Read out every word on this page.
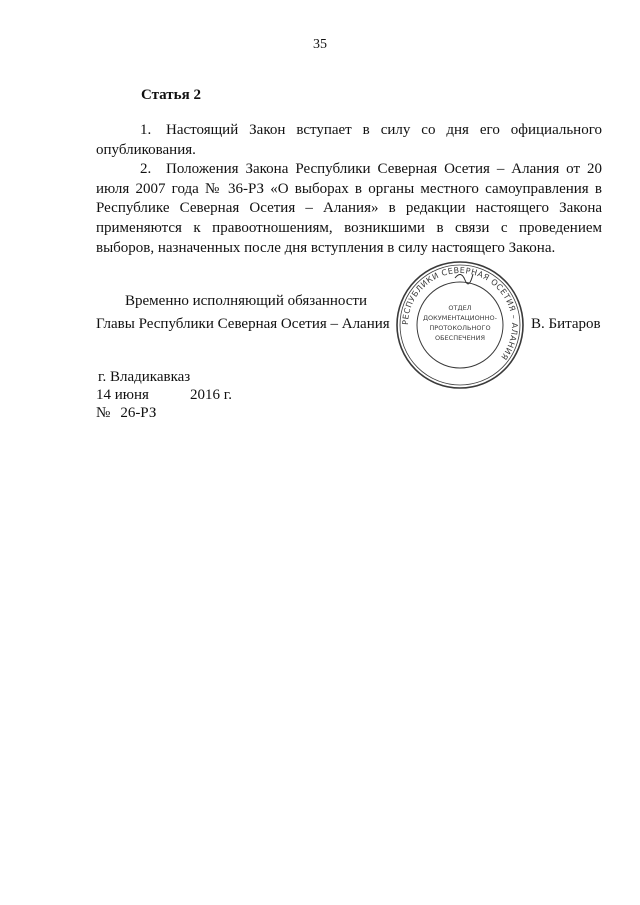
35
Статья 2

1. Настоящий Закон вступает в силу со дня его официального опубликования.

2. Положения Закона Республики Северная Осетия – Алания от 20 июля 2007 года № 36-РЗ «О выборах в органы местного самоуправления в Республике Северная Осетия – Алания» в редакции настоящего Закона применяются к правоотношениям, возникшими в связи с проведением выборов, назначенных после дня вступления в силу настоящего Закона.

Временно исполняющий обязанности
Главы Республики Северная Осетия – Алания	В. Битаров
РЕСПУБЛИКИ СЕВЕРНАЯ ОСЕТИЯ – АЛАНИЯ
ОТДЕЛ
ДОКУМЕНТАЦИОННО-
ПРОТОКОЛЬНОГО
ОБЕСПЕЧЕНИЯ
г. Владикавказ
14 июня	2016 г.
№ 26-РЗ
